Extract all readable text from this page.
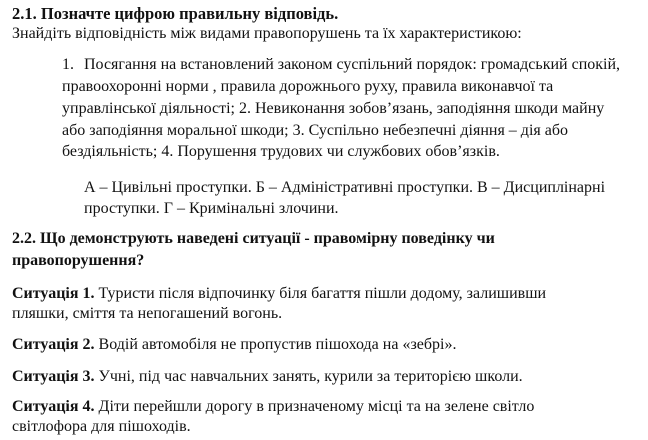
2.1. Позначте цифрою правильну відповідь.
Знайдіть відповідність між видами правопорушень та їх характеристикою:
1. Посягання на встановлений законом суспільний порядок: громадський спокій,
правоохоронні норми , правила дорожнього руху, правила виконавчої та
управлінської діяльності; 2. Невиконання зобов’язань, заподіяння шкоди майну
або заподіяння моральної шкоди; 3. Суспільно небезпечні діяння – дія або
бездіяльність; 4. Порушення трудових чи службових обов’язків.
А – Цивільні проступки. Б – Адміністративні проступки. В – Дисциплінарні
проступки. Г – Кримінальні злочини.
2.2. Що демонструють наведені ситуації - правомірну поведінку чи
правопорушення?
Ситуація 1. Туристи після відпочинку біля багаття пішли додому, залишивши
пляшки, сміття та непогашений вогонь.
Ситуація 2. Водій автомобіля не пропустив пішохода на «зебрі».
Ситуація 3. Учні, під час навчальних занять, курили за територією школи.
Ситуація 4. Діти перейшли дорогу в призначеному місці та на зелене світло
світлофора для пішоходів.
